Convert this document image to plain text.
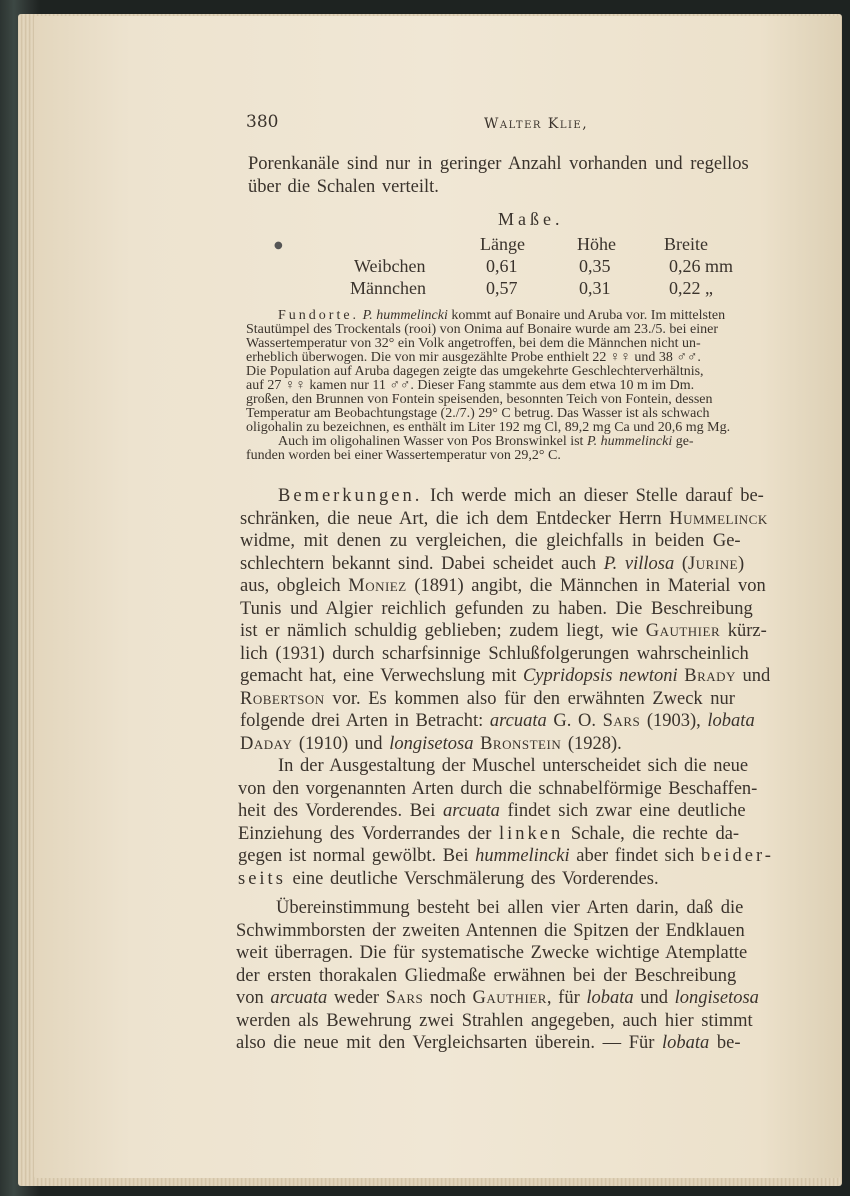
380	Walter Klie,
Porenkanäle sind nur in geringer Anzahl vorhanden und regellos
über die Schalen verteilt.
Maße.
●	Länge	Höhe	Breite
Weibchen	0,61	0,35	0,26 mm
Männchen	0,57	0,31	0,22 „
Fundorte. P. hummelincki kommt auf Bonaire und Aruba vor. Im mittelsten
Stautümpel des Trockentals (rooi) von Onima auf Bonaire wurde am 23./5. bei einer
Wassertemperatur von 32° ein Volk angetroffen, bei dem die Männchen nicht un-
erheblich überwogen. Die von mir ausgezählte Probe enthielt 22 ♀♀ und 38 ♂♂.
Die Population auf Aruba dagegen zeigte das umgekehrte Geschlechterverhältnis,
auf 27 ♀♀ kamen nur 11 ♂♂. Dieser Fang stammte aus dem etwa 10 m im Dm.
großen, den Brunnen von Fontein speisenden, besonnten Teich von Fontein, dessen
Temperatur am Beobachtungstage (2./7.) 29° C betrug. Das Wasser ist als schwach
oligohalin zu bezeichnen, es enthält im Liter 192 mg Cl, 89,2 mg Ca und 20,6 mg Mg.
Auch im oligohalinen Wasser von Pos Bronswinkel ist P. hummelincki ge-
funden worden bei einer Wassertemperatur von 29,2° C.
Bemerkungen. Ich werde mich an dieser Stelle darauf be-
schränken, die neue Art, die ich dem Entdecker Herrn Hummelinck
widme, mit denen zu vergleichen, die gleichfalls in beiden Ge-
schlechtern bekannt sind. Dabei scheidet auch P. villosa (Jurine)
aus, obgleich Moniez (1891) angibt, die Männchen in Material von
Tunis und Algier reichlich gefunden zu haben. Die Beschreibung
ist er nämlich schuldig geblieben; zudem liegt, wie Gauthier kürz-
lich (1931) durch scharfsinnige Schlußfolgerungen wahrscheinlich
gemacht hat, eine Verwechslung mit Cypridopsis newtoni Brady und
Robertson vor. Es kommen also für den erwähnten Zweck nur
folgende drei Arten in Betracht: arcuata G. O. Sars (1903), lobata
Daday (1910) und longisetosa Bronstein (1928).
In der Ausgestaltung der Muschel unterscheidet sich die neue
von den vorgenannten Arten durch die schnabelförmige Beschaffen-
heit des Vorderendes. Bei arcuata findet sich zwar eine deutliche
Einziehung des Vorderrandes der linken Schale, die rechte da-
gegen ist normal gewölbt. Bei hummelincki aber findet sich beider-
seits eine deutliche Verschmälerung des Vorderendes.
Übereinstimmung besteht bei allen vier Arten darin, daß die
Schwimmborsten der zweiten Antennen die Spitzen der Endklauen
weit überragen. Die für systematische Zwecke wichtige Atemplatte
der ersten thorakalen Gliedmaße erwähnen bei der Beschreibung
von arcuata weder Sars noch Gauthier, für lobata und longisetosa
werden als Bewehrung zwei Strahlen angegeben, auch hier stimmt
also die neue mit den Vergleichsarten überein. — Für lobata be-
